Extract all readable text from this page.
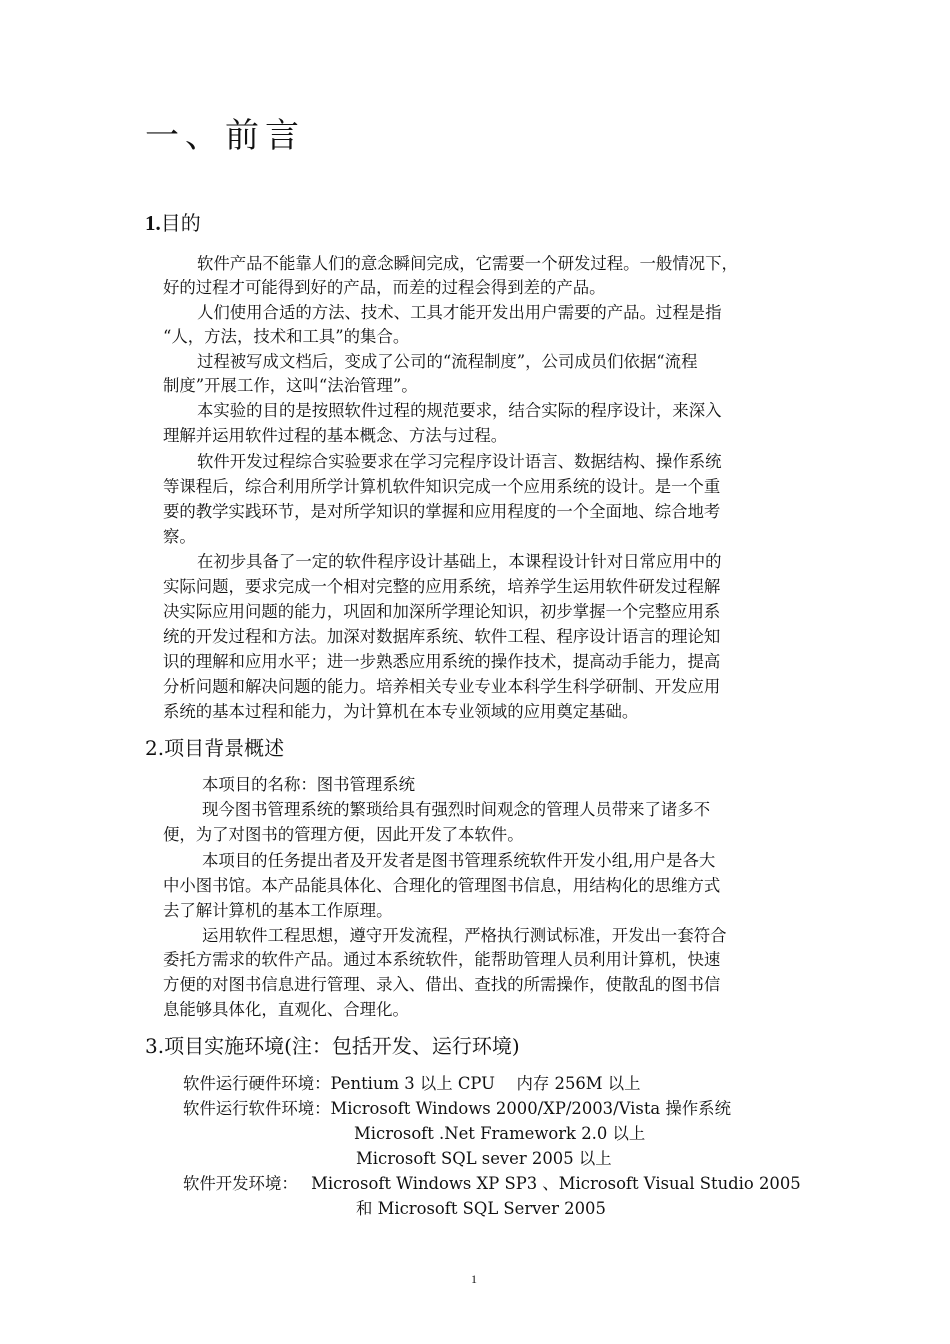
一、前言
1.目的
软件产品不能靠人们的意念瞬间完成，它需要一个研发过程。一般情况下，
好的过程才可能得到好的产品，而差的过程会得到差的产品。
人们使用合适的方法、技术、工具才能开发出用户需要的产品。过程是指
“人，方法，技术和工具”的集合。
过程被写成文档后，变成了公司的“流程制度”，公司成员们依据“流程
制度”开展工作，这叫“法治管理”。
本实验的目的是按照软件过程的规范要求，结合实际的程序设计，来深入
理解并运用软件过程的基本概念、方法与过程。
软件开发过程综合实验要求在学习完程序设计语言、数据结构、操作系统
等课程后，综合利用所学计算机软件知识完成一个应用系统的设计。是一个重
要的教学实践环节，是对所学知识的掌握和应用程度的一个全面地、综合地考
察。
在初步具备了一定的软件程序设计基础上，本课程设计针对日常应用中的
实际问题，要求完成一个相对完整的应用系统，培养学生运用软件研发过程解
决实际应用问题的能力，巩固和加深所学理论知识，初步掌握一个完整应用系
统的开发过程和方法。加深对数据库系统、软件工程、程序设计语言的理论知
识的理解和应用水平；进一步熟悉应用系统的操作技术，提高动手能力，提高
分析问题和解决问题的能力。培养相关专业专业本科学生科学研制、开发应用
系统的基本过程和能力，为计算机在本专业领域的应用奠定基础。
2.项目背景概述
本项目的名称：图书管理系统
现今图书管理系统的繁琐给具有强烈时间观念的管理人员带来了诸多不
便，为了对图书的管理方便，因此开发了本软件。
本项目的任务提出者及开发者是图书管理系统软件开发小组,用户是各大
中小图书馆。本产品能具体化、合理化的管理图书信息，用结构化的思维方式
去了解计算机的基本工作原理。
运用软件工程思想，遵守开发流程，严格执行测试标准，开发出一套符合
委托方需求的软件产品。通过本系统软件，能帮助管理人员利用计算机，快速
方便的对图书信息进行管理、录入、借出、查找的所需操作，使散乱的图书信
息能够具体化，直观化、合理化。
3.项目实施环境(注：包括开发、运行环境)
软件运行硬件环境：Pentium 3 以上 CPU　 内存 256M 以上
软件运行软件环境：Microsoft Windows 2000/XP/2003/Vista 操作系统
Microsoft .Net Framework 2.0 以上
Microsoft SQL sever 2005 以上
软件开发环境：　 Microsoft Windows XP SP3 、Microsoft Visual Studio 2005
和 Microsoft SQL Server 2005
1
